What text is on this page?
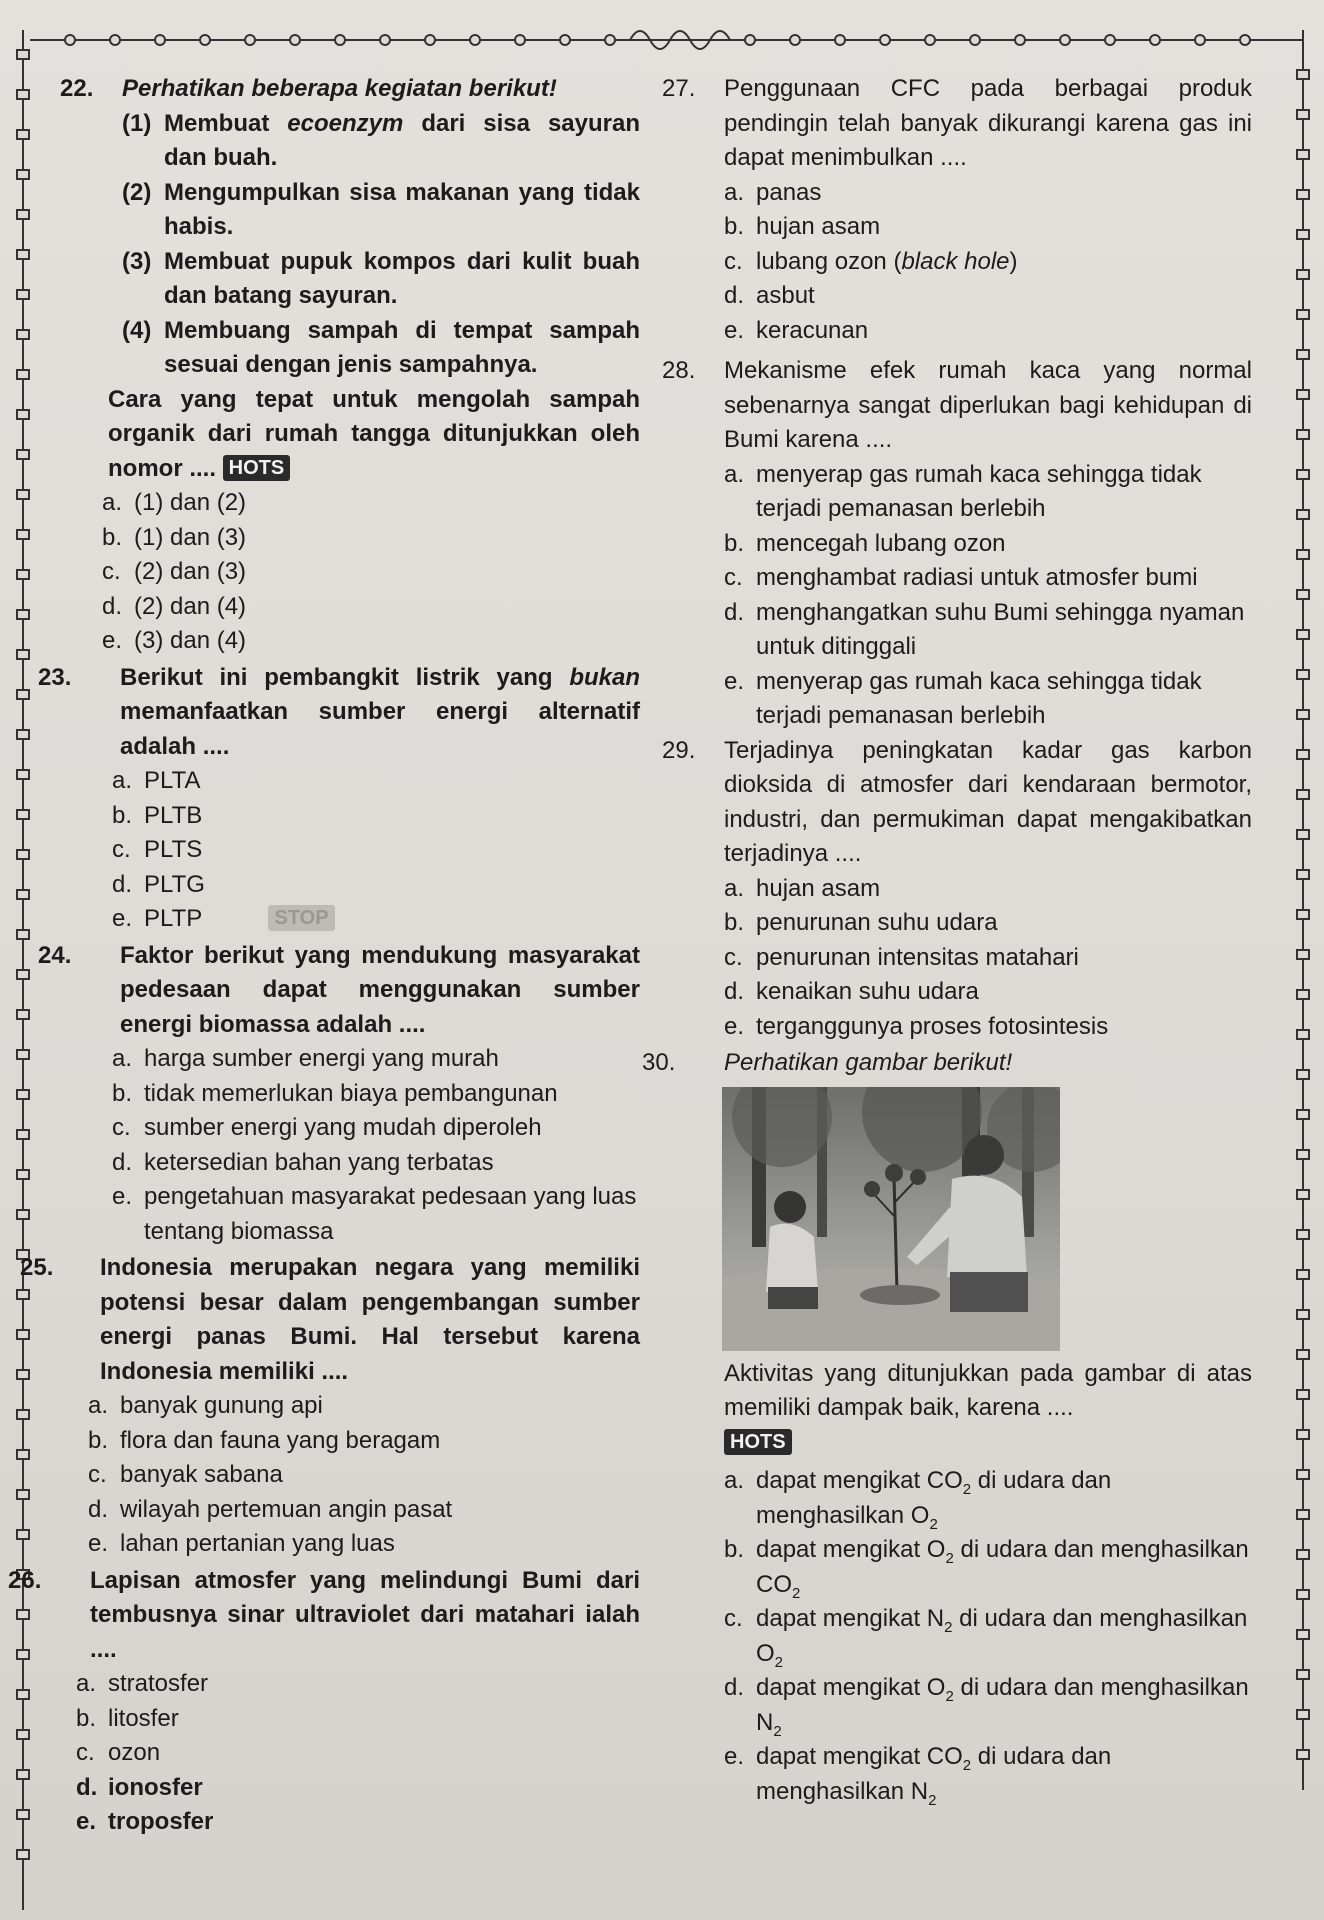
22. Perhatikan beberapa kegiatan berikut!
(1) Membuat ecoenzym dari sisa sayuran dan buah.
(2) Mengumpulkan sisa makanan yang tidak habis.
(3) Membuat pupuk kompos dari kulit buah dan batang sayuran.
(4) Membuang sampah di tempat sampah sesuai dengan jenis sampahnya.
Cara yang tepat untuk mengolah sampah organik dari rumah tangga ditunjukkan oleh nomor .... HOTS
a. (1) dan (2)
b. (1) dan (3)
c. (2) dan (3)
d. (2) dan (4)
e. (3) dan (4)
23. Berikut ini pembangkit listrik yang bukan memanfaatkan sumber energi alternatif adalah ....
a. PLTA
b. PLTB
c. PLTS
d. PLTG
e. PLTP	STOP
24. Faktor berikut yang mendukung masyarakat pedesaan dapat menggunakan sumber energi biomassa adalah ....
a. harga sumber energi yang murah
b. tidak memerlukan biaya pembangunan
c. sumber energi yang mudah diperoleh
d. ketersedian bahan yang terbatas
e. pengetahuan masyarakat pedesaan yang luas tentang biomassa
25. Indonesia merupakan negara yang memiliki potensi besar dalam pengembangan sumber energi panas Bumi. Hal tersebut karena Indonesia memiliki ....
a. banyak gunung api
b. flora dan fauna yang beragam
c. banyak sabana
d. wilayah pertemuan angin pasat
e. lahan pertanian yang luas
26. Lapisan atmosfer yang melindungi Bumi dari tembusnya sinar ultraviolet dari matahari ialah ....
a. stratosfer
b. litosfer
c. ozon
d. ionosfer
e. troposfer
27. Penggunaan CFC pada berbagai produk pendingin telah banyak dikurangi karena gas ini dapat menimbulkan ....
a. panas
b. hujan asam
c. lubang ozon (black hole)
d. asbut
e. keracunan
28. Mekanisme efek rumah kaca yang normal sebenarnya sangat diperlukan bagi kehidupan di Bumi karena ....
a. menyerap gas rumah kaca sehingga tidak terjadi pemanasan berlebih
b. mencegah lubang ozon
c. menghambat radiasi untuk atmosfer bumi
d. menghangatkan suhu Bumi sehingga nyaman untuk ditinggali
e. menyerap gas rumah kaca sehingga tidak terjadi pemanasan berlebih
29. Terjadinya peningkatan kadar gas karbon dioksida di atmosfer dari kendaraan bermotor, industri, dan permukiman dapat mengakibatkan terjadinya ....
a. hujan asam
b. penurunan suhu udara
c. penurunan intensitas matahari
d. kenaikan suhu udara
e. terganggunya proses fotosintesis
30. Perhatikan gambar berikut!
Aktivitas yang ditunjukkan pada gambar di atas memiliki dampak baik, karena ....
HOTS
a. dapat mengikat $CO_2$ di udara dan menghasilkan $O_2$
b. dapat mengikat $O_2$ di udara dan menghasilkan $CO_2$
c. dapat mengikat $N_2$ di udara dan menghasilkan $O_2$
d. dapat mengikat $O_2$ di udara dan menghasilkan $N_2$
e. dapat mengikat $CO_2$ di udara dan menghasilkan $N_2$
